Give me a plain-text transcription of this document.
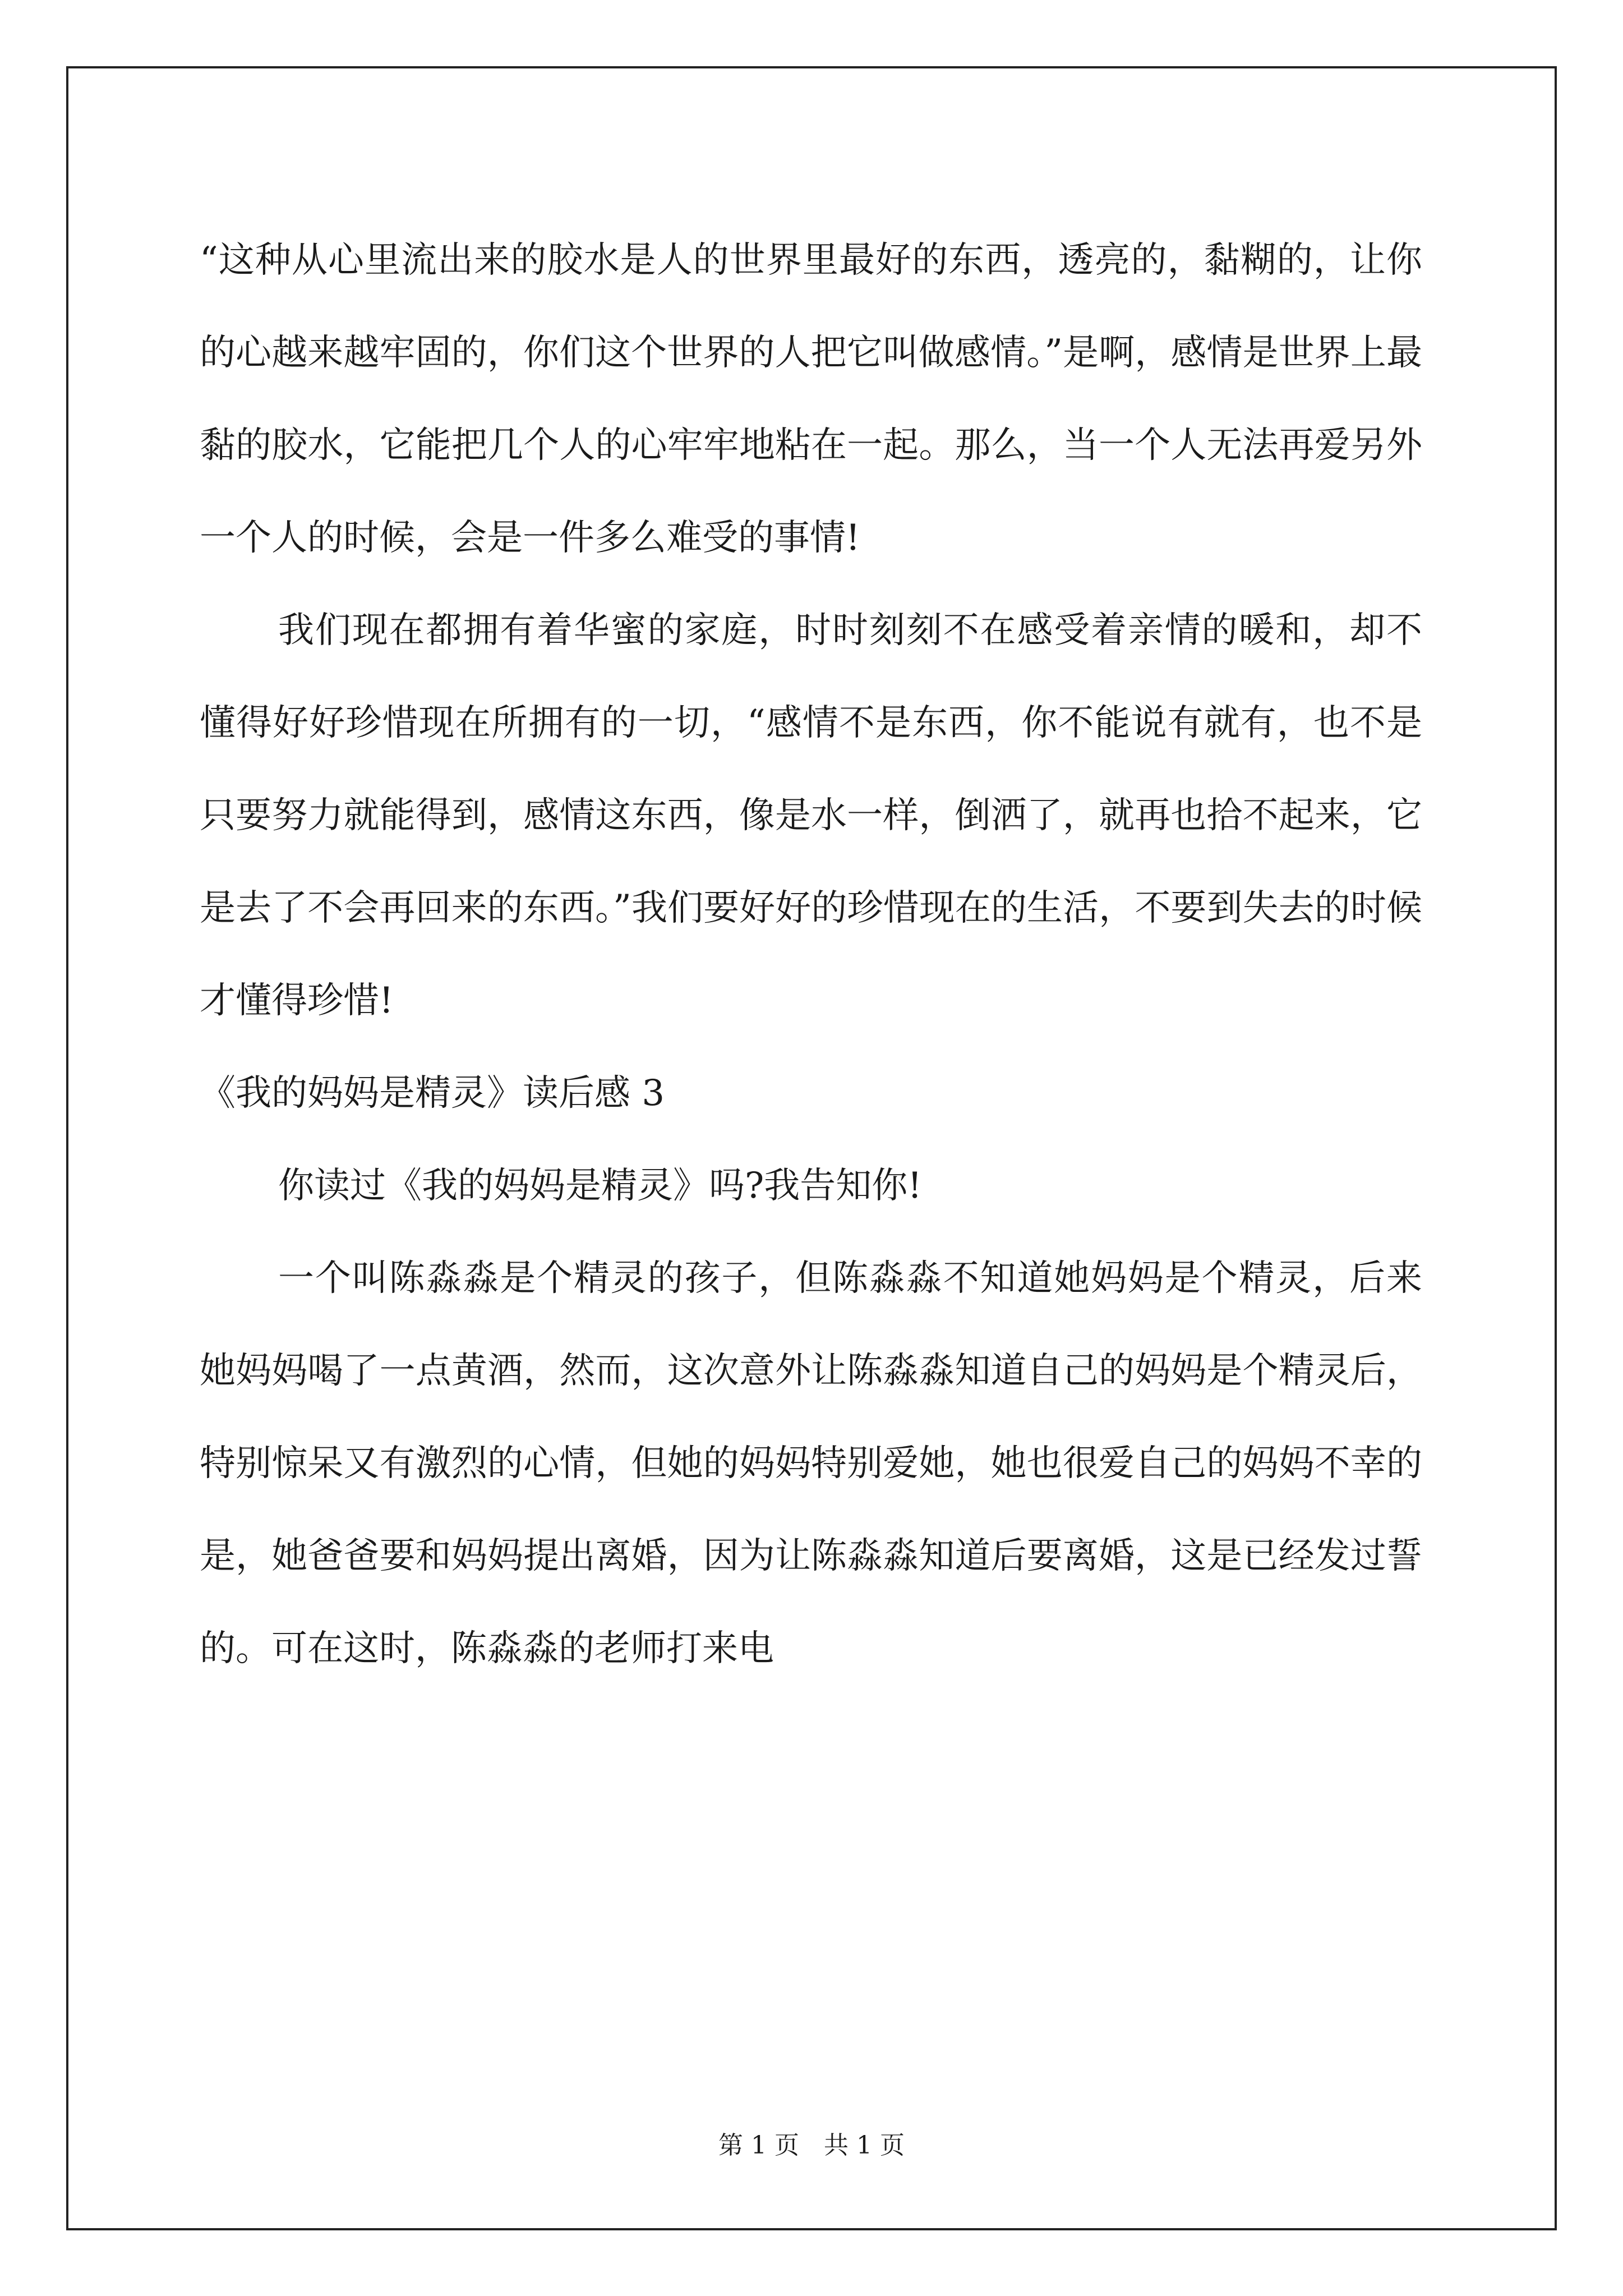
“这种从心里流出来的胶水是人的世界里最好的东西，透亮的，黏糊的，让你的心越来越牢固的，你们这个世界的人把它叫做感情。”是啊，感情是世界上最黏的胶水，它能把几个人的心牢牢地粘在一起。那么，当一个人无法再爱另外一个人的时候，会是一件多么难受的事情!

我们现在都拥有着华蜜的家庭，时时刻刻不在感受着亲情的暖和，却不懂得好好珍惜现在所拥有的一切，“感情不是东西，你不能说有就有，也不是只要努力就能得到，感情这东西，像是水一样，倒洒了，就再也拾不起来，它是去了不会再回来的东西。”我们要好好的珍惜现在的生活，不要到失去的时候才懂得珍惜!

《我的妈妈是精灵》读后感 3

你读过《我的妈妈是精灵》吗?我告知你!

一个叫陈淼淼是个精灵的孩子，但陈淼淼不知道她妈妈是个精灵，后来她妈妈喝了一点黄酒，然而，这次意外让陈淼淼知道自己的妈妈是个精灵后，特别惊呆又有激烈的心情，但她的妈妈特别爱她，她也很爱自己的妈妈不幸的是，她爸爸要和妈妈提出离婚，因为让陈淼淼知道后要离婚，这是已经发过誓的。可在这时，陈淼淼的老师打来电

第 1 页　共 1 页
